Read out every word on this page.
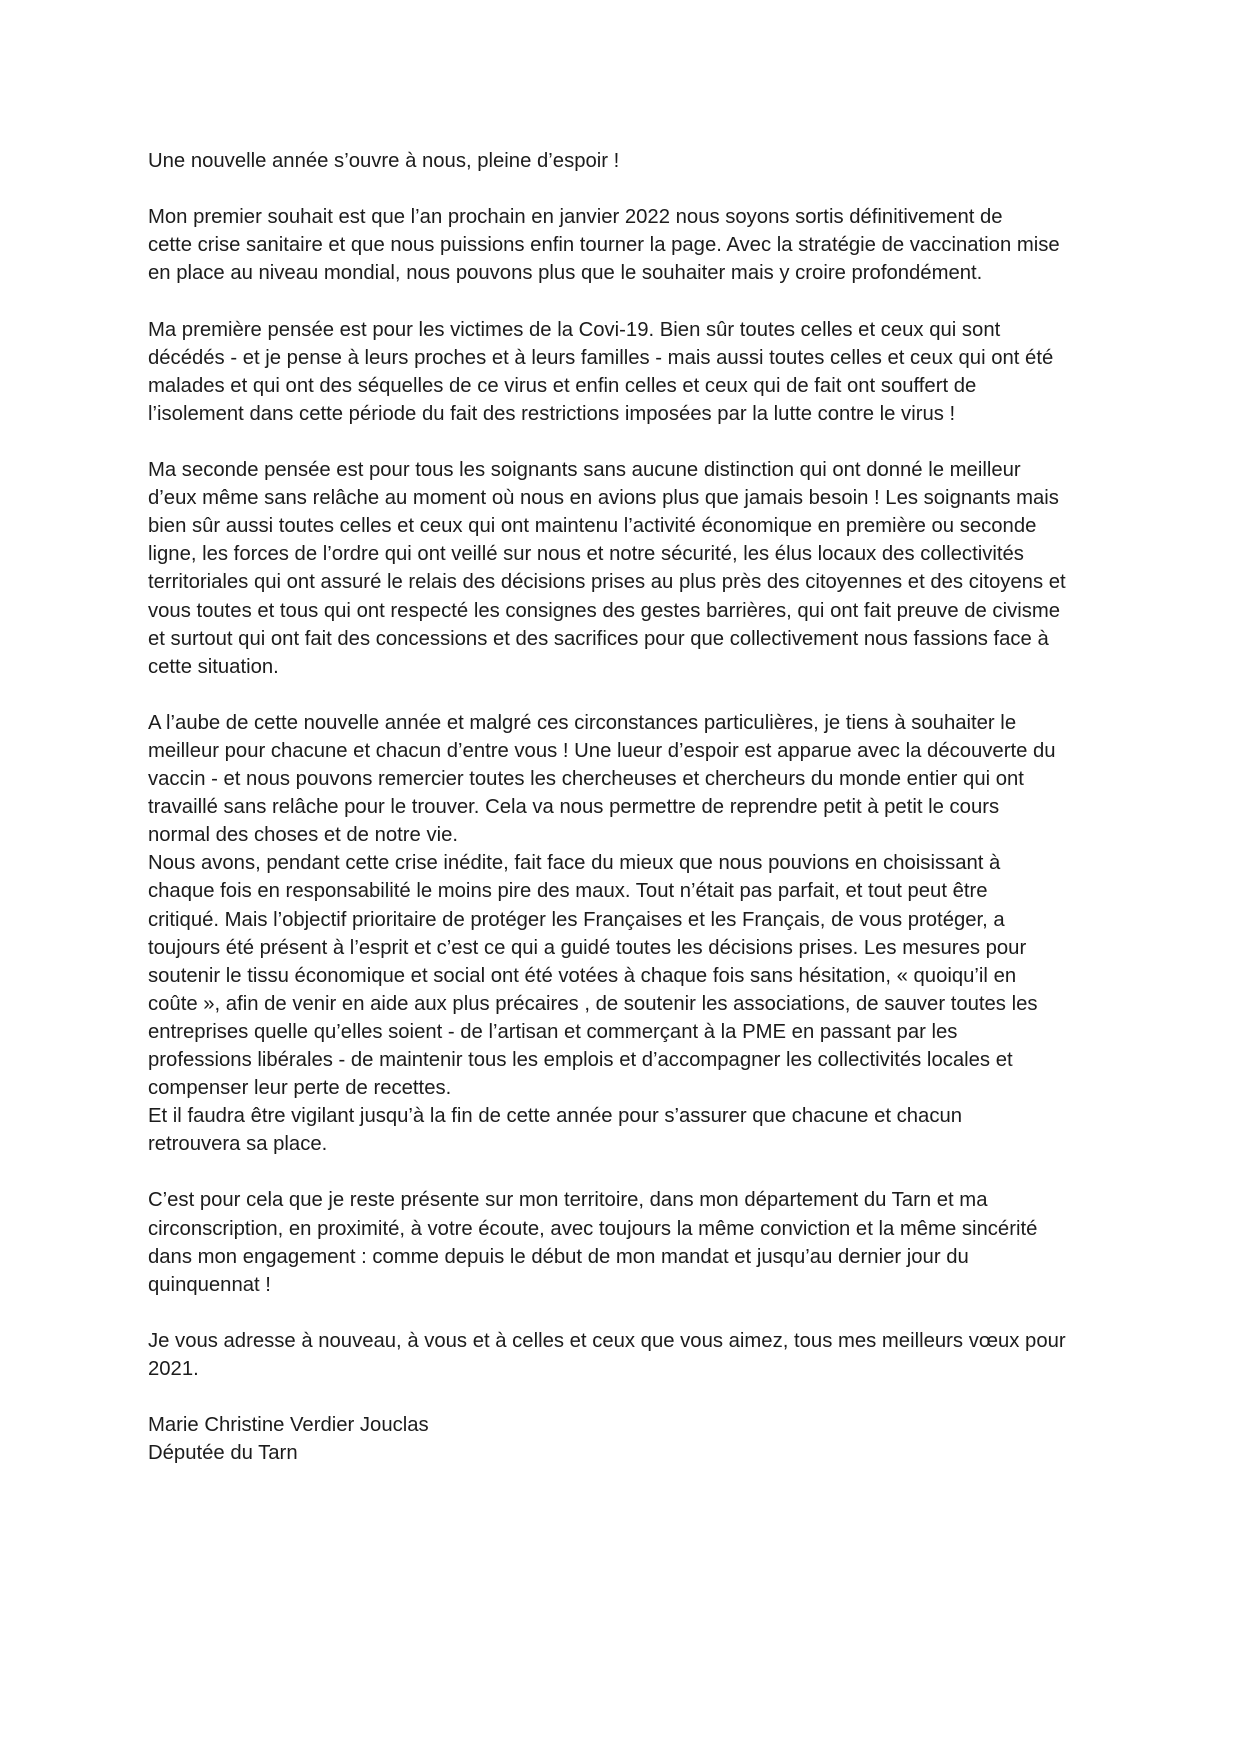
Une nouvelle année s’ouvre à nous, pleine d’espoir !
Mon premier souhait est que l’an prochain en janvier 2022 nous soyons sortis définitivement de
cette crise sanitaire et que nous puissions enfin tourner la page. Avec la stratégie de vaccination mise
en place au niveau mondial, nous pouvons plus que le souhaiter mais y croire profondément.
Ma première pensée est pour les victimes de la Covi-19. Bien sûr toutes celles et ceux qui sont
décédés - et je pense à leurs proches et à leurs familles - mais aussi toutes celles et ceux qui ont été
malades et qui ont des séquelles de ce virus et enfin celles et ceux qui de fait ont souffert de
l’isolement dans cette période du fait des restrictions imposées par la lutte contre le virus !
Ma seconde pensée est pour tous les soignants sans aucune distinction qui ont donné le meilleur
d’eux même sans relâche au moment où nous en avions plus que jamais besoin ! Les soignants mais
bien sûr aussi toutes celles et ceux qui ont maintenu l’activité économique en première ou seconde
ligne, les forces de l’ordre qui ont veillé sur nous et notre sécurité, les élus locaux des collectivités
territoriales qui ont assuré le relais des décisions prises au plus près des citoyennes et des citoyens et
vous toutes et tous qui ont respecté les consignes des gestes barrières, qui ont fait preuve de civisme
et surtout qui ont fait des concessions et des sacrifices pour que collectivement nous fassions face à
cette situation.
A l’aube de cette nouvelle année et malgré ces circonstances particulières, je tiens à souhaiter le
meilleur pour chacune et chacun d’entre vous ! Une lueur d’espoir est apparue avec la découverte du
vaccin - et nous pouvons remercier toutes les chercheuses et chercheurs du monde entier qui ont
travaillé sans relâche pour le trouver. Cela va nous permettre de reprendre petit à petit le cours
normal des choses et de notre vie.
Nous avons, pendant cette crise inédite, fait face du mieux que nous pouvions en choisissant à
chaque fois en responsabilité le moins pire des maux. Tout n’était pas parfait, et tout peut être
critiqué. Mais l’objectif prioritaire de protéger les Françaises et les Français, de vous protéger, a
toujours été présent à l’esprit et c’est ce qui a guidé toutes les décisions prises. Les mesures pour
soutenir le tissu économique et social ont été votées à chaque fois sans hésitation, « quoiqu’il en
coûte », afin de venir en aide aux plus précaires , de soutenir les associations, de sauver toutes les
entreprises quelle qu’elles soient - de l’artisan et commerçant à la PME en passant par les
professions libérales - de maintenir tous les emplois et d’accompagner les collectivités locales et
compenser leur perte de recettes.
Et il faudra être vigilant jusqu’à la fin de cette année pour s’assurer que chacune et chacun
retrouvera sa place.
C’est pour cela que je reste présente sur mon territoire, dans mon département du Tarn et ma
circonscription, en proximité, à votre écoute, avec toujours la même conviction et la même sincérité
dans mon engagement : comme depuis le début de mon mandat et jusqu’au dernier jour du
quinquennat !
Je vous adresse à nouveau, à vous et à celles et ceux que vous aimez, tous mes meilleurs vœux pour
2021.
Marie Christine Verdier Jouclas
Députée du Tarn
